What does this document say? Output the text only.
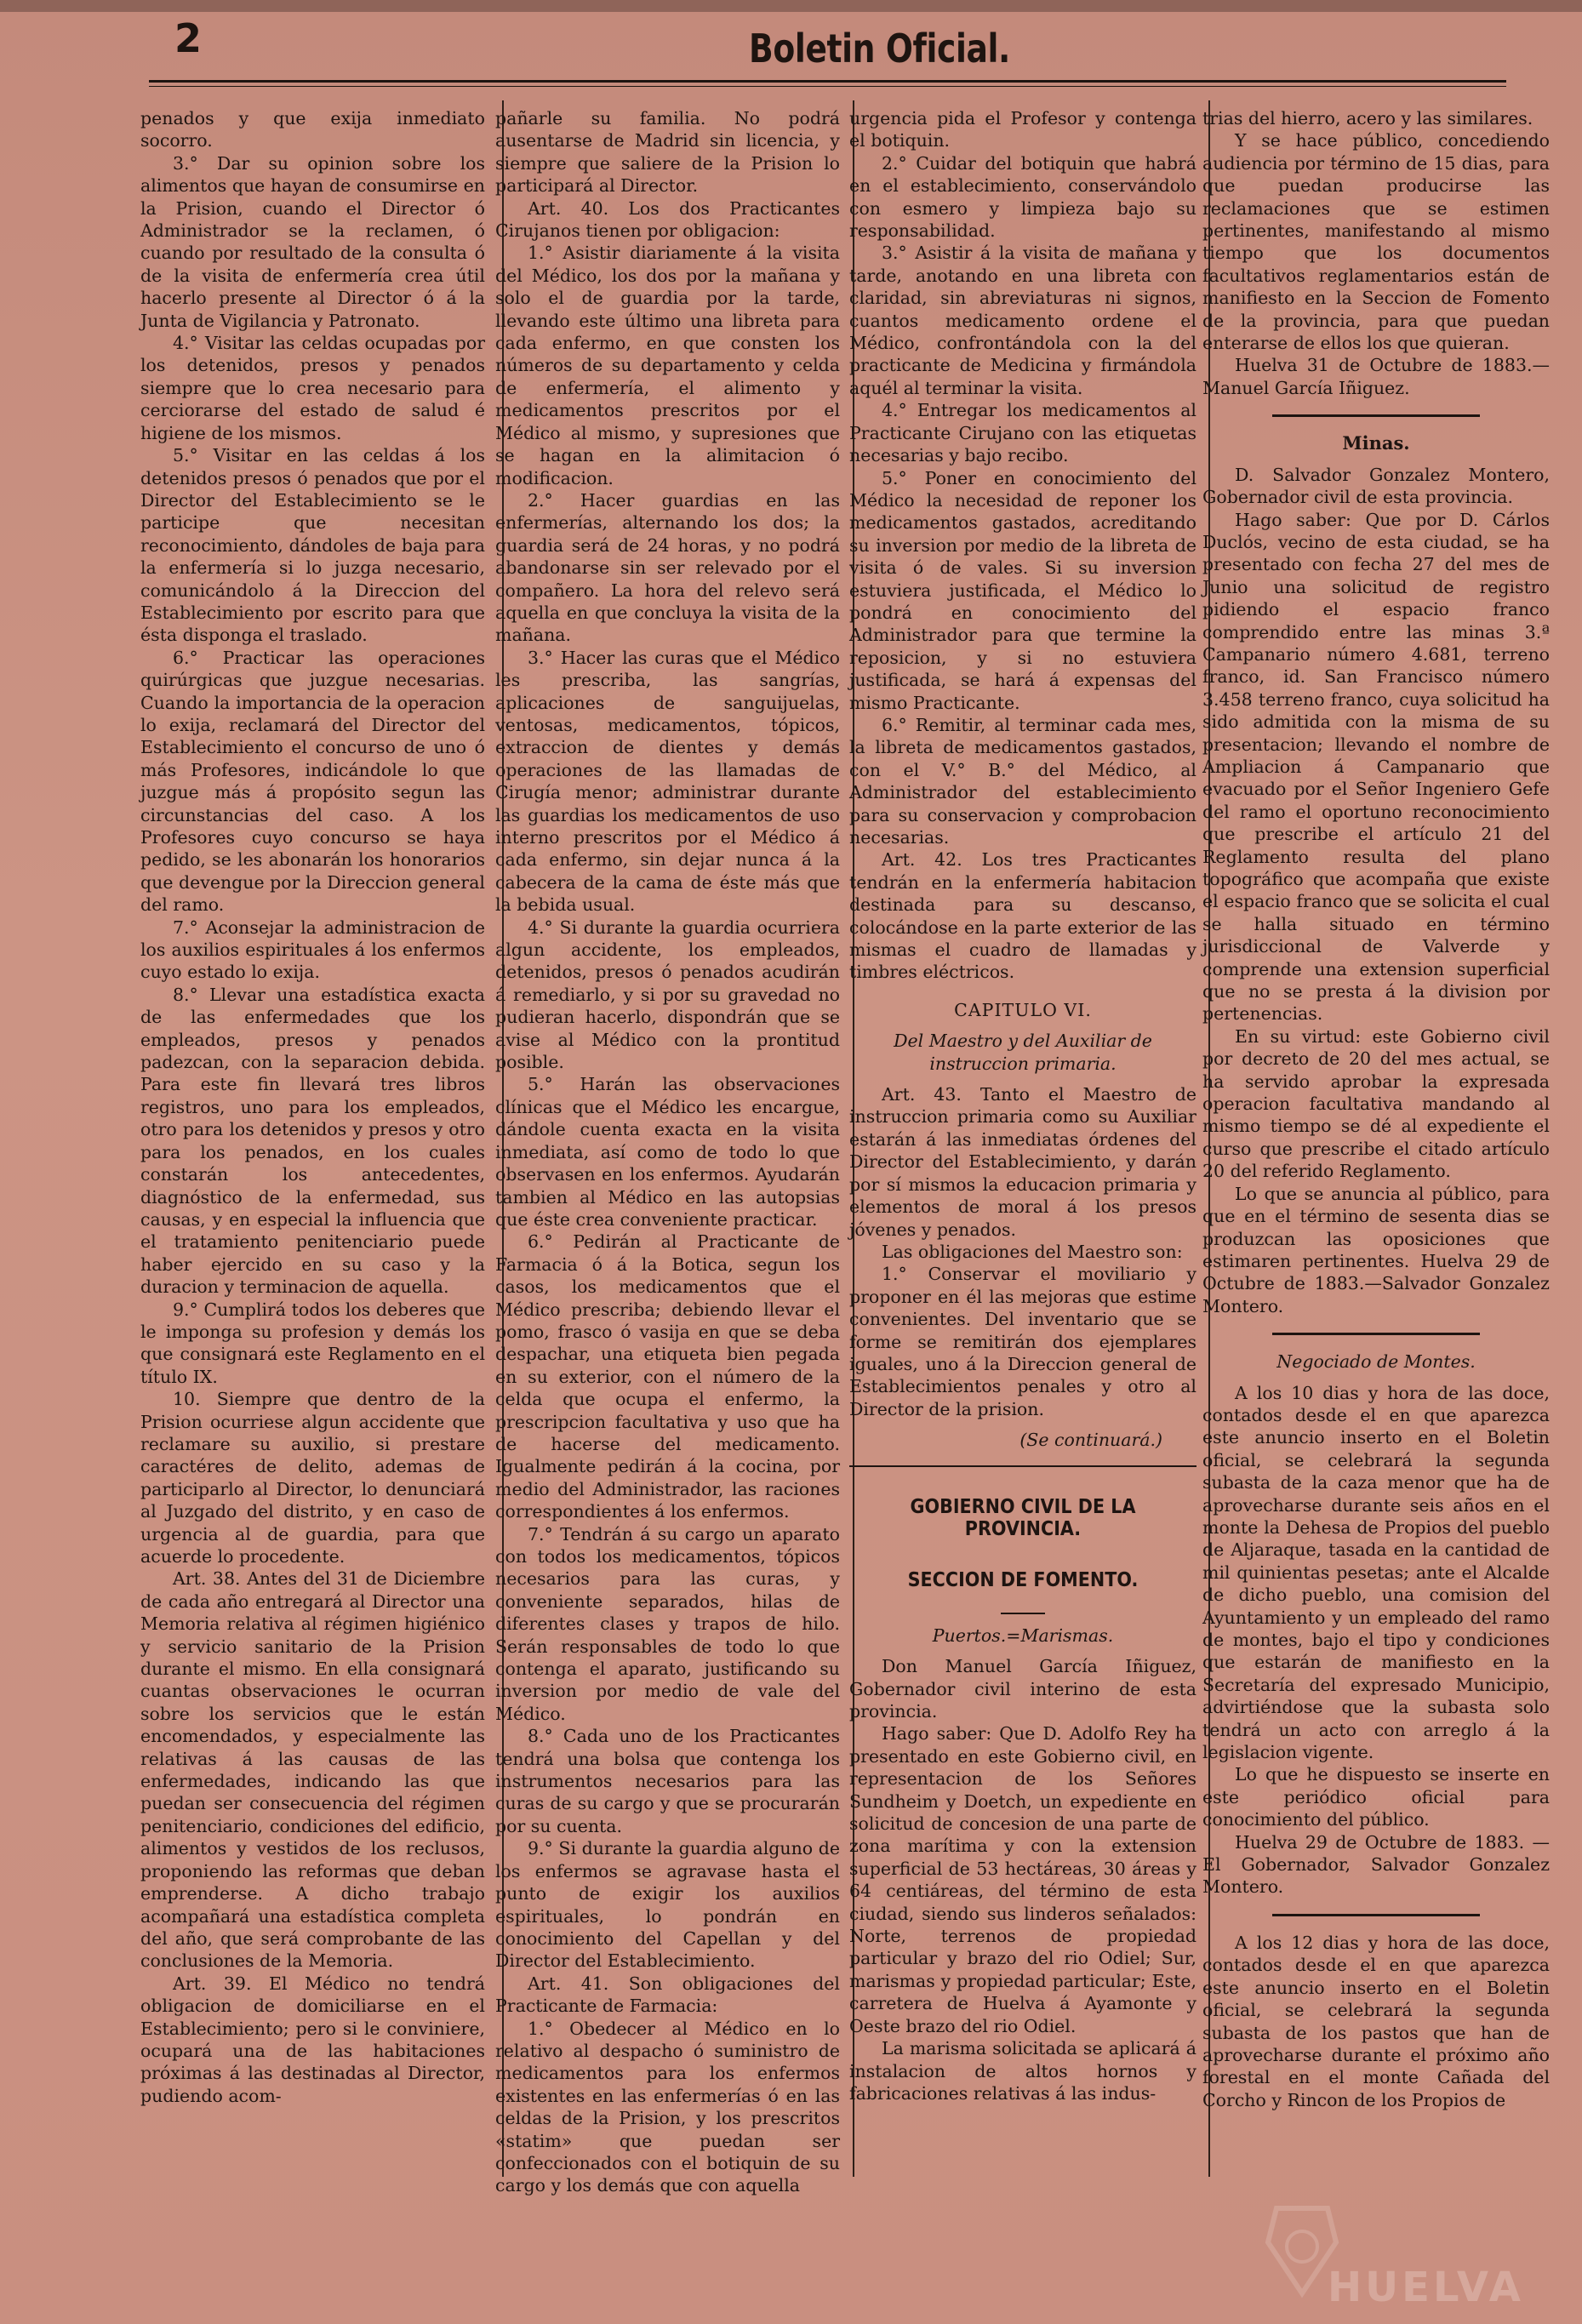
2	Boletin Oficial.

penados y que exija inmediato socorro.

3.° Dar su opinion sobre los alimentos que hayan de consumirse en la Prision, cuando el Director ó Administrador se la reclamen, ó cuando por resultado de la consulta ó de la visita de enfermería crea útil hacerlo presente al Director ó á la Junta de Vigilancia y Patronato.

4.° Visitar las celdas ocupadas por los detenidos, presos y penados siempre que lo crea necesario para cerciorarse del estado de salud é higiene de los mismos.

5.° Visitar en las celdas á los detenidos presos ó penados que por el Director del Establecimiento se le participe que necesitan reconocimiento, dándoles de baja para la enfermería si lo juzga necesario, comunicándolo á la Direccion del Establecimiento por escrito para que ésta disponga el traslado.

6.° Practicar las operaciones quirúrgicas que juzgue necesarias. Cuando la importancia de la operacion lo exija, reclamará del Director del Establecimiento el concurso de uno ó más Profesores, indicándole lo que juzgue más á propósito segun las circunstancias del caso. A los Profesores cuyo concurso se haya pedido, se les abonarán los honorarios que devengue por la Direccion general del ramo.

7.° Aconsejar la administracion de los auxilios espirituales á los enfermos cuyo estado lo exija.

8.° Llevar una estadística exacta de las enfermedades que los empleados, presos y penados padezcan, con la separacion debida. Para este fin llevará tres libros registros, uno para los empleados, otro para los detenidos y presos y otro para los penados, en los cuales constarán los antecedentes, diagnóstico de la enfermedad, sus causas, y en especial la influencia que el tratamiento penitenciario puede haber ejercido en su caso y la duracion y terminacion de aquella.

9.° Cumplirá todos los deberes que le imponga su profesion y demás los que consignará este Reglamento en el título IX.

10. Siempre que dentro de la Prision ocurriese algun accidente que reclamare su auxilio, si prestare caractéres de delito, ademas de participarlo al Director, lo denunciará al Juzgado del distrito, y en caso de urgencia al de guardia, para que acuerde lo procedente.

Art. 38. Antes del 31 de Diciembre de cada año entregará al Director una Memoria relativa al régimen higiénico y servicio sanitario de la Prision durante el mismo. En ella consignará cuantas observaciones le ocurran sobre los servicios que le están encomendados, y especialmente las relativas á las causas de las enfermedades, indicando las que puedan ser consecuencia del régimen penitenciario, condiciones del edificio, alimentos y vestidos de los reclusos, proponiendo las reformas que deban emprenderse. A dicho trabajo acompañará una estadística completa del año, que será comprobante de las conclusiones de la Memoria.

Art. 39. El Médico no tendrá obligacion de domiciliarse en el Establecimiento; pero si le conviniere, ocupará una de las habitaciones próximas á las destinadas al Director, pudiendo acom-

pañarle su familia. No podrá ausentarse de Madrid sin licencia, y siempre que saliere de la Prision lo participará al Director.

Art. 40. Los dos Practicantes Cirujanos tienen por obligacion:

1.° Asistir diariamente á la visita del Médico, los dos por la mañana y solo el de guardia por la tarde, llevando este último una libreta para cada enfermo, en que consten los números de su departamento y celda de enfermería, el alimento y medicamentos prescritos por el Médico al mismo, y supresiones que se hagan en la alimitacion ó modificacion.

2.° Hacer guardias en las enfermerías, alternando los dos; la guardia será de 24 horas, y no podrá abandonarse sin ser relevado por el compañero. La hora del relevo será aquella en que concluya la visita de la mañana.

3.° Hacer las curas que el Médico les prescriba, las sangrías, aplicaciones de sanguijuelas, ventosas, medicamentos, tópicos, extraccion de dientes y demás operaciones de las llamadas de Cirugía menor; administrar durante las guardias los medicamentos de uso interno prescritos por el Médico á cada enfermo, sin dejar nunca á la cabecera de la cama de éste más que la bebida usual.

4.° Si durante la guardia ocurriera algun accidente, los empleados, detenidos, presos ó penados acudirán á remediarlo, y si por su gravedad no pudieran hacerlo, dispondrán que se avise al Médico con la prontitud posible.

5.° Harán las observaciones clínicas que el Médico les encargue, dándole cuenta exacta en la visita inmediata, así como de todo lo que observasen en los enfermos. Ayudarán tambien al Médico en las autopsias que éste crea conveniente practicar.

6.° Pedirán al Practicante de Farmacia ó á la Botica, segun los casos, los medicamentos que el Médico prescriba; debiendo llevar el pomo, frasco ó vasija en que se deba despachar, una etiqueta bien pegada en su exterior, con el número de la celda que ocupa el enfermo, la prescripcion facultativa y uso que ha de hacerse del medicamento. Igualmente pedirán á la cocina, por medio del Administrador, las raciones correspondientes á los enfermos.

7.° Tendrán á su cargo un aparato con todos los medicamentos, tópicos necesarios para las curas, y conveniente separados, hilas de diferentes clases y trapos de hilo. Serán responsables de todo lo que contenga el aparato, justificando su inversion por medio de vale del Médico.

8.° Cada uno de los Practicantes tendrá una bolsa que contenga los instrumentos necesarios para las curas de su cargo y que se procurarán por su cuenta.

9.° Si durante la guardia alguno de los enfermos se agravase hasta el punto de exigir los auxilios espirituales, lo pondrán en conocimiento del Capellan y del Director del Establecimiento.

Art. 41. Son obligaciones del Practicante de Farmacia:

1.° Obedecer al Médico en lo relativo al despacho ó suministro de medicamentos para los enfermos existentes en las enfermerías ó en las celdas de la Prision, y los prescritos «statim» que puedan ser confeccionados con el botiquin de su cargo y los demás que con aquella

urgencia pida el Profesor y contenga el botiquin.

2.° Cuidar del botiquin que habrá en el establecimiento, conservándolo con esmero y limpieza bajo su responsabilidad.

3.° Asistir á la visita de mañana y tarde, anotando en una libreta con claridad, sin abreviaturas ni signos, cuantos medicamento ordene el Médico, confrontándola con la del practicante de Medicina y firmándola aquél al terminar la visita.

4.° Entregar los medicamentos al Practicante Cirujano con las etiquetas necesarias y bajo recibo.

5.° Poner en conocimiento del Médico la necesidad de reponer los medicamentos gastados, acreditando su inversion por medio de la libreta de visita ó de vales. Si su inversion estuviera justificada, el Médico lo pondrá en conocimiento del Administrador para que termine la reposicion, y si no estuviera justificada, se hará á expensas del mismo Practicante.

6.° Remitir, al terminar cada mes, la libreta de medicamentos gastados, con el V.° B.° del Médico, al Administrador del establecimiento para su conservacion y comprobacion necesarias.

Art. 42. Los tres Practicantes tendrán en la enfermería habitacion destinada para su descanso, colocándose en la parte exterior de las mismas el cuadro de llamadas y timbres eléctricos.

CAPITULO VI.
Del Maestro y del Auxiliar de instruccion primaria.

Art. 43. Tanto el Maestro de instruccion primaria como su Auxiliar estarán á las inmediatas órdenes del Director del Establecimiento, y darán por sí mismos la educacion primaria y elementos de moral á los presos jóvenes y penados.

Las obligaciones del Maestro son:

1.° Conservar el moviliario y proponer en él las mejoras que estime convenientes. Del inventario que se forme se remitirán dos ejemplares iguales, uno á la Direccion general de Establecimientos penales y otro al Director de la prision.

(Se continuará.)
GOBIERNO CIVIL DE LA PROVINCIA.
SECCION DE FOMENTO.
Puertos.=Marismas.

Don Manuel García Iñiguez, Gobernador civil interino de esta provincia.

Hago saber: Que D. Adolfo Rey ha presentado en este Gobierno civil, en representacion de los Señores Sundheim y Doetch, un expediente en solicitud de concesion de una parte de zona marítima y con la extension superficial de 53 hectáreas, 30 áreas y 64 centiáreas, del término de esta ciudad, siendo sus linderos señalados: Norte, terrenos de propiedad particular y brazo del rio Odiel; Sur, marismas y propiedad particular; Este, carretera de Huelva á Ayamonte y Oeste brazo del rio Odiel.

La marisma solicitada se aplicará á instalacion de altos hornos y fabricaciones relativas á las indus-

trias del hierro, acero y las similares.

Y se hace público, concediendo audiencia por término de 15 dias, para que puedan producirse las reclamaciones que se estimen pertinentes, manifestando al mismo tiempo que los documentos facultativos reglamentarios están de manifiesto en la Seccion de Fomento de la provincia, para que puedan enterarse de ellos los que quieran.

Huelva 31 de Octubre de 1883.— Manuel García Iñiguez.

Minas.

D. Salvador Gonzalez Montero, Gobernador civil de esta provincia.

Hago saber: Que por D. Cárlos Duclós, vecino de esta ciudad, se ha presentado con fecha 27 del mes de Junio una solicitud de registro pidiendo el espacio franco comprendido entre las minas 3.ª Campanario número 4.681, terreno franco, id. San Francisco número 3.458 terreno franco, cuya solicitud ha sido admitida con la misma de su presentacion; llevando el nombre de Ampliacion á Campanario que evacuado por el Señor Ingeniero Gefe del ramo el oportuno reconocimiento que prescribe el artículo 21 del Reglamento resulta del plano topográfico que acompaña que existe el espacio franco que se solicita el cual se halla situado en término jurisdiccional de Valverde y comprende una extension superficial que no se presta á la division por pertenencias.

En su virtud: este Gobierno civil por decreto de 20 del mes actual, se ha servido aprobar la expresada operacion facultativa mandando al mismo tiempo se dé al expediente el curso que prescribe el citado artículo 20 del referido Reglamento.

Lo que se anuncia al público, para que en el término de sesenta dias se produzcan las oposiciones que estimaren pertinentes. Huelva 29 de Octubre de 1883.—Salvador Gonzalez Montero.

Negociado de Montes.

A los 10 dias y hora de las doce, contados desde el en que aparezca este anuncio inserto en el Boletin oficial, se celebrará la segunda subasta de la caza menor que ha de aprovecharse durante seis años en el monte la Dehesa de Propios del pueblo de Aljaraque, tasada en la cantidad de mil quinientas pesetas; ante el Alcalde de dicho pueblo, una comision del Ayuntamiento y un empleado del ramo de montes, bajo el tipo y condiciones que estarán de manifiesto en la Secretaría del expresado Municipio, advirtiéndose que la subasta solo tendrá un acto con arreglo á la legislacion vigente.

Lo que he dispuesto se inserte en este periódico oficial para conocimiento del público.

Huelva 29 de Octubre de 1883. —El Gobernador, Salvador Gonzalez Montero.

A los 12 dias y hora de las doce, contados desde el en que aparezca este anuncio inserto en el Boletin oficial, se celebrará la segunda subasta de los pastos que han de aprovecharse durante el próximo año forestal en el monte Cañada del Corcho y Rincon de los Propios de

HUELVA
